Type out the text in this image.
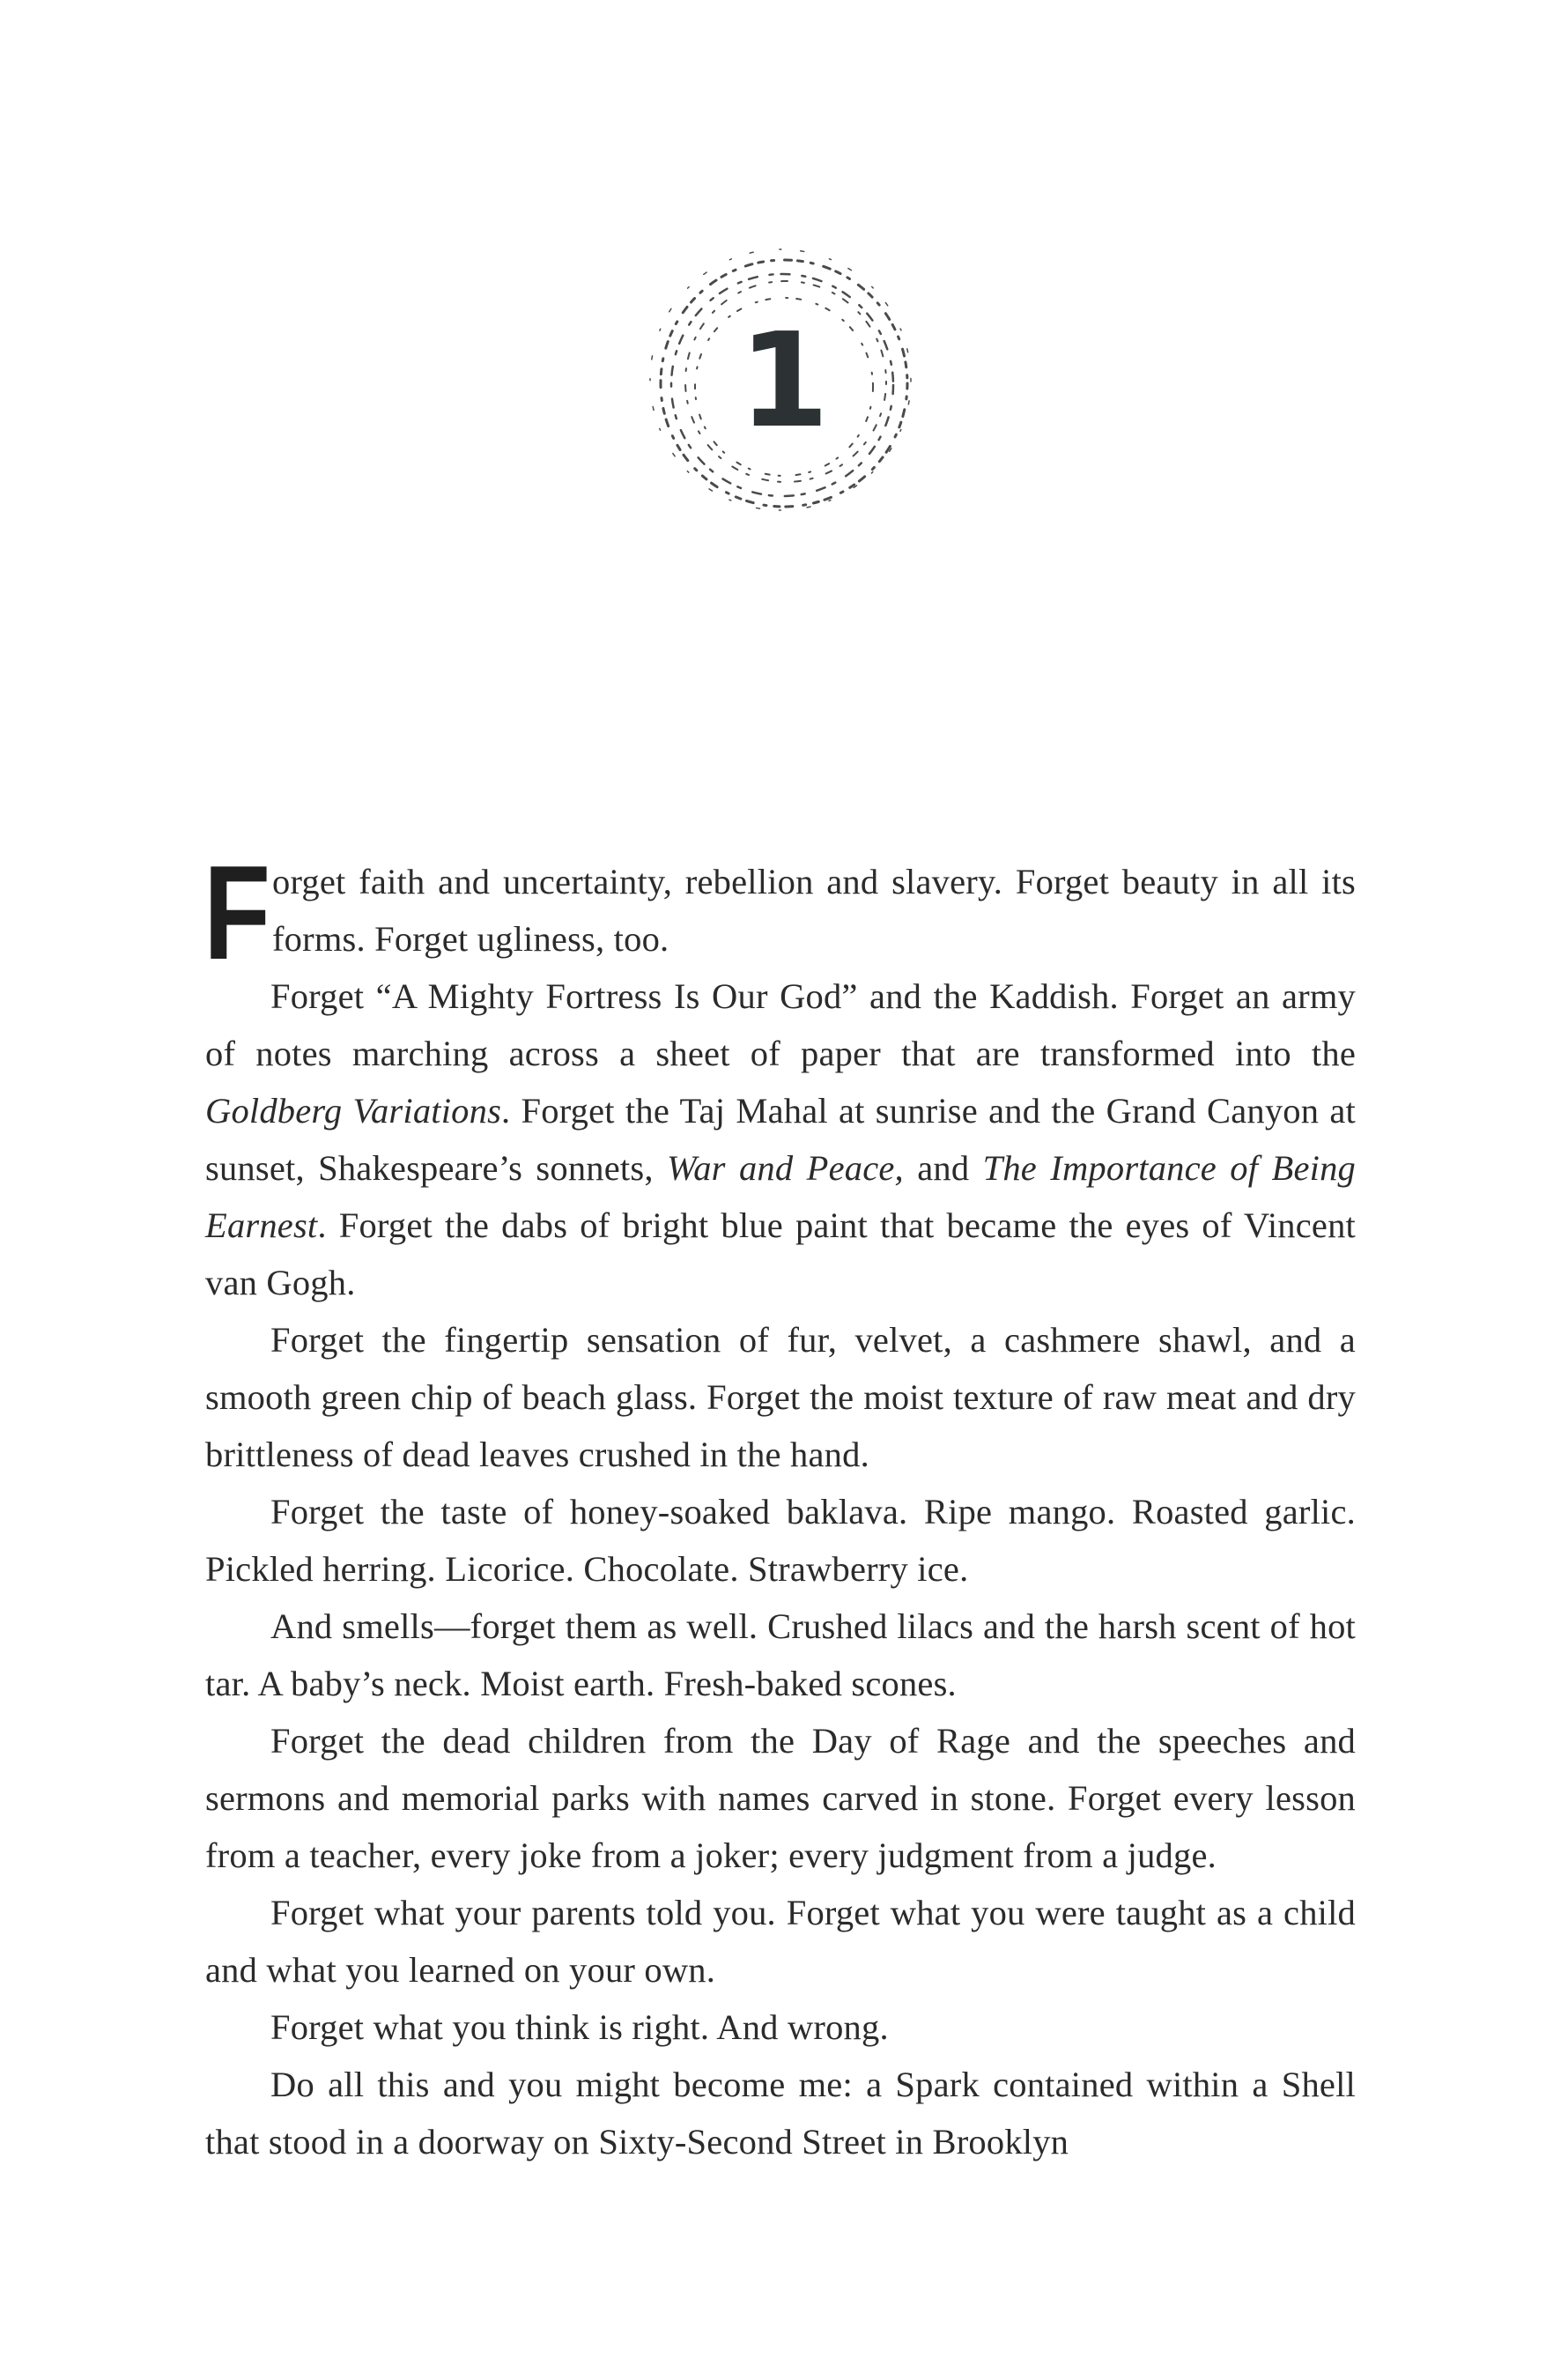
1

Forget faith and uncertainty, rebellion and slavery. Forget beauty in all its forms. Forget ugliness, too.

Forget “A Mighty Fortress Is Our God” and the Kaddish. Forget an army of notes marching across a sheet of paper that are transformed into the Goldberg Variations. Forget the Taj Mahal at sunrise and the Grand Canyon at sunset, Shakespeare’s sonnets, War and Peace, and The Importance of Being Earnest. Forget the dabs of bright blue paint that became the eyes of Vincent van Gogh.

Forget the fingertip sensation of fur, velvet, a cashmere shawl, and a smooth green chip of beach glass. Forget the moist texture of raw meat and dry brittleness of dead leaves crushed in the hand.

Forget the taste of honey-soaked baklava. Ripe mango. Roasted garlic. Pickled herring. Licorice. Chocolate. Strawberry ice.

And smells—forget them as well. Crushed lilacs and the harsh scent of hot tar. A baby’s neck. Moist earth. Fresh-baked scones.

Forget the dead children from the Day of Rage and the speeches and sermons and memorial parks with names carved in stone. Forget every lesson from a teacher, every joke from a joker; every judgment from a judge.

Forget what your parents told you. Forget what you were taught as a child and what you learned on your own.

Forget what you think is right. And wrong.

Do all this and you might become me: a Spark contained within a Shell that stood in a doorway on Sixty-Second Street in Brooklyn
